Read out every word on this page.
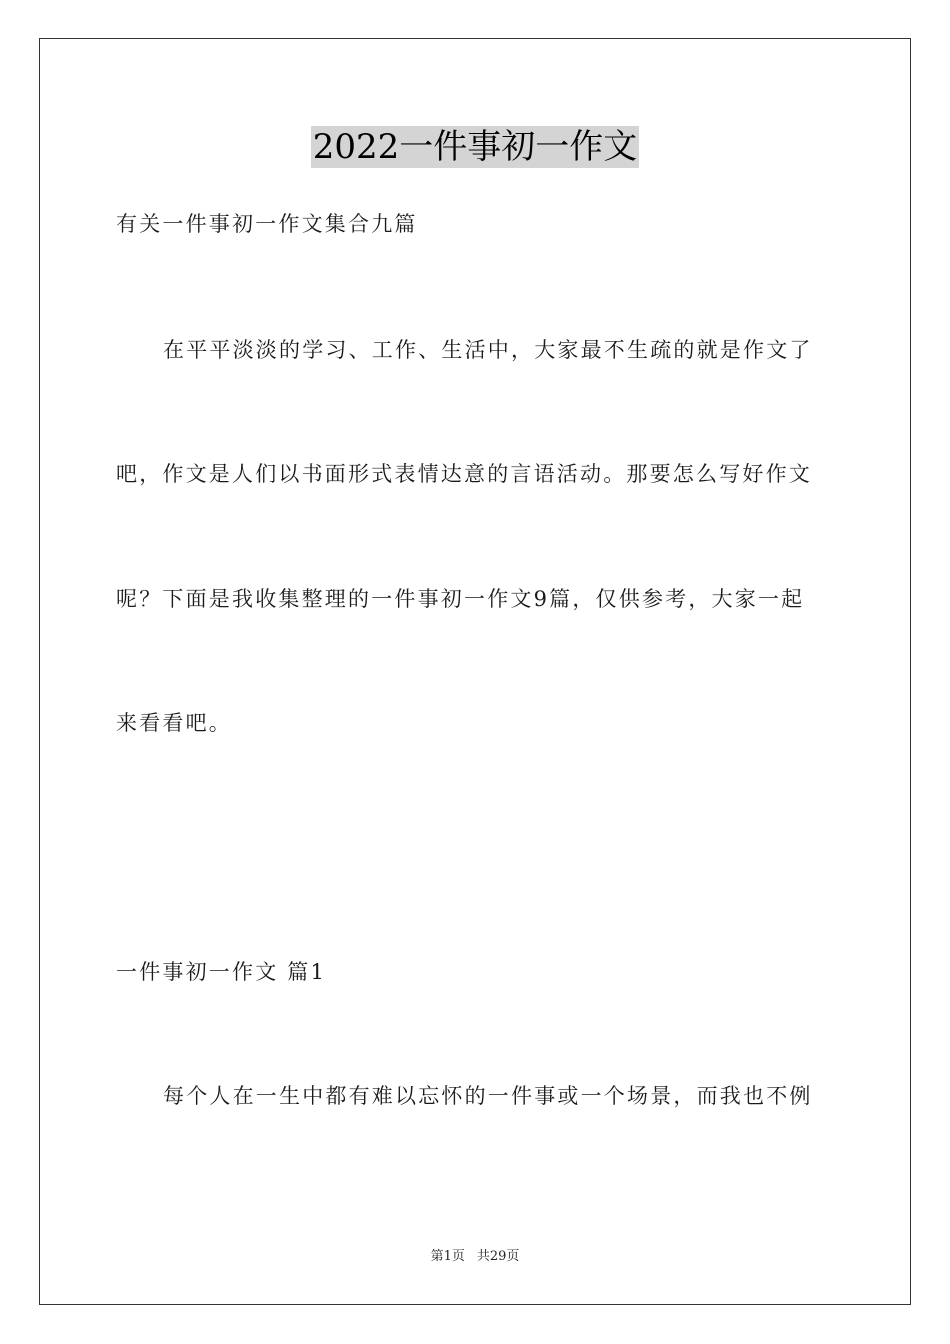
2022一件事初一作文
有关一件事初一作文集合九篇
在平平淡淡的学习、工作、生活中，大家最不生疏的就是作文了
吧，作文是人们以书面形式表情达意的言语活动。那要怎么写好作文
呢？下面是我收集整理的一件事初一作文9篇，仅供参考，大家一起
来看看吧。
一件事初一作文 篇1
每个人在一生中都有难以忘怀的一件事或一个场景，而我也不例
第1页 共29页
